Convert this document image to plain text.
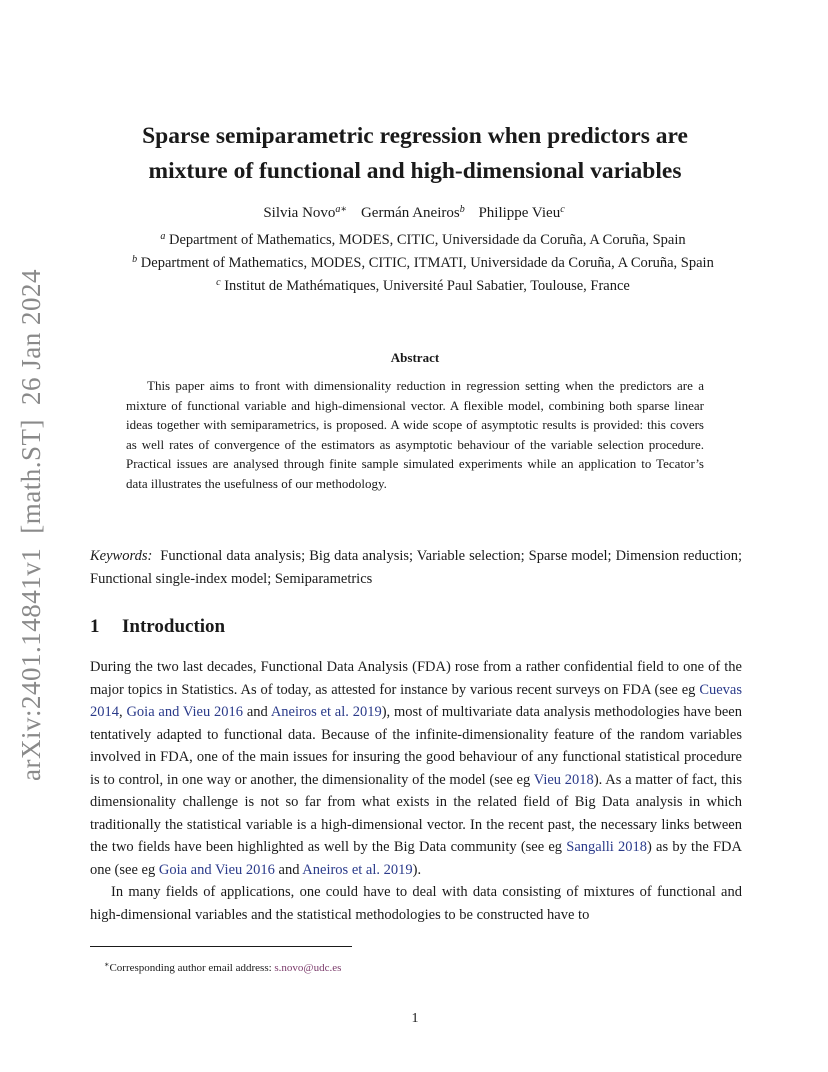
arXiv:2401.14841v1[math.ST]26 Jan 2024
Sparse semiparametric regression when predictors are
mixture of functional and high-dimensional variables
Silvia Novo$^{a∗}$ Germán Aneiros$^b$ Philippe Vieu$^c$
$^a$ Department of Mathematics, MODES, CITIC, Universidade da Coruña, A Coruña, Spain
$^b$ Department of Mathematics, MODES, CITIC, ITMATI, Universidade da Coruña, A Coruña, Spain
$^c$ Institut de Mathématiques, Université Paul Sabatier, Toulouse, France
Abstract
This paper aims to front with dimensionality reduction in regression setting when the predictors are a mixture of functional variable and high-dimensional vector. A flexible model, combining both sparse linear ideas together with semiparametrics, is proposed. A wide scope of asymptotic results is provided: this covers as well rates of convergence of the estimators as asymptotic behaviour of the variable selection procedure. Practical issues are analysed through finite sample simulated experiments while an application to Tecator’s data illustrates the usefulness of our methodology.
Keywords: Functional data analysis; Big data analysis; Variable selection; Sparse model; Dimension reduction; Functional single-index model; Semiparametrics
1 Introduction

During the two last decades, Functional Data Analysis (FDA) rose from a rather confidential field to one of the major topics in Statistics. As of today, as attested for instance by various recent surveys on FDA (see eg Cuevas 2014, Goia and Vieu 2016 and Aneiros et al. 2019), most of multivariate data analysis methodologies have been tentatively adapted to functional data. Because of the infinite-dimensionality feature of the random variables involved in FDA, one of the main issues for insuring the good behaviour of any functional statistical procedure is to control, in one way or another, the dimensionality of the model (see eg Vieu 2018). As a matter of fact, this dimensionality challenge is not so far from what exists in the related field of Big Data analysis in which traditionally the statistical variable is a high-dimensional vector. In the recent past, the necessary links between the two fields have been highlighted as well by the Big Data community (see eg Sangalli 2018) as by the FDA one (see eg Goia and Vieu 2016 and Aneiros et al. 2019).

In many fields of applications, one could have to deal with data consisting of mixtures of functional and high-dimensional variables and the statistical methodologies to be constructed have to

∗Corresponding author email address: s.novo@udc.es
1
